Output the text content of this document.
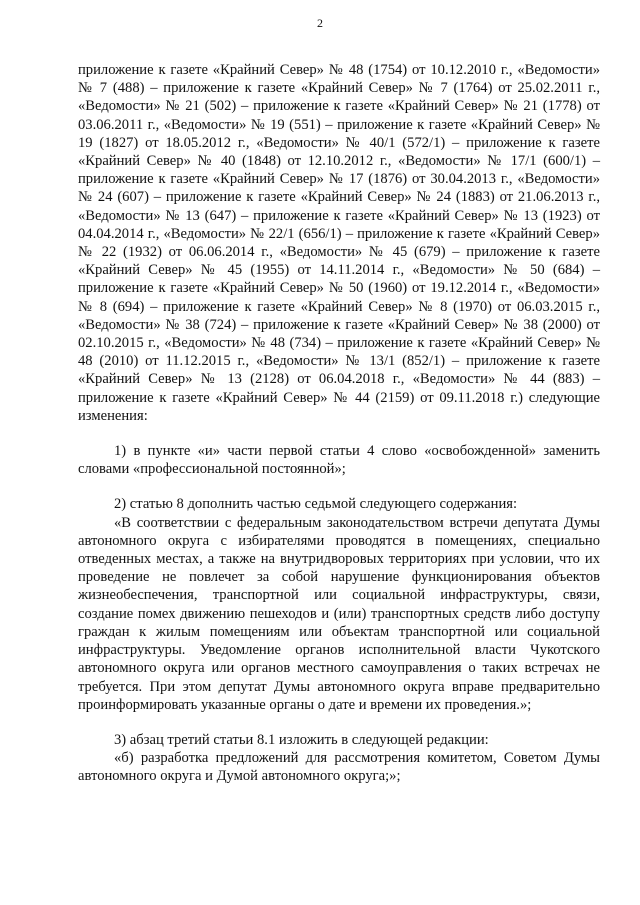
2

приложение к газете «Крайний Север» № 48 (1754) от 10.12.2010 г., «Ведомости» № 7 (488) – приложение к газете «Крайний Север» № 7 (1764) от 25.02.2011 г., «Ведомости» № 21 (502) – приложение к газете «Крайний Север» № 21 (1778) от 03.06.2011 г., «Ведомости» № 19 (551) – приложение к газете «Крайний Север» № 19 (1827) от 18.05.2012 г., «Ведомости» № 40/1 (572/1) – приложение к газете «Крайний Север» № 40 (1848) от 12.10.2012 г., «Ведомости» № 17/1 (600/1) – приложение к газете «Крайний Север» № 17 (1876) от 30.04.2013 г., «Ведомости» № 24 (607) – приложение к газете «Крайний Север» № 24 (1883) от 21.06.2013 г., «Ведомости» № 13 (647) – приложение к газете «Крайний Север» № 13 (1923) от 04.04.2014 г., «Ведомости» № 22/1 (656/1) – приложение к газете «Крайний Север» № 22 (1932) от 06.06.2014 г., «Ведомости» № 45 (679) – приложение к газете «Крайний Север» № 45 (1955) от 14.11.2014 г., «Ведомости» № 50 (684) – приложение к газете «Крайний Север» № 50 (1960) от 19.12.2014 г., «Ведомости» № 8 (694) – приложение к газете «Крайний Север» № 8 (1970) от 06.03.2015 г., «Ведомости» № 38 (724) – приложение к газете «Крайний Север» № 38 (2000) от 02.10.2015 г., «Ведомости» № 48 (734) – приложение к газете «Крайний Север» № 48 (2010) от 11.12.2015 г., «Ведомости» № 13/1 (852/1) – приложение к газете «Крайний Север» № 13 (2128) от 06.04.2018 г., «Ведомости» № 44 (883) – приложение к газете «Крайний Север» № 44 (2159) от 09.11.2018 г.) следующие изменения:

1) в пункте «и» части первой статьи 4 слово «освобожденной» заменить словами «профессиональной постоянной»;

2) статью 8 дополнить частью седьмой следующего содержания:

«В соответствии с федеральным законодательством встречи депутата Думы автономного округа с избирателями проводятся в помещениях, специально отведенных местах, а также на внутридворовых территориях при условии, что их проведение не повлечет за собой нарушение функционирования объектов жизнеобеспечения, транспортной или социальной инфраструктуры, связи, создание помех движению пешеходов и (или) транспортных средств либо доступу граждан к жилым помещениям или объектам транспортной или социальной инфраструктуры. Уведомление органов исполнительной власти Чукотского автономного округа или органов местного самоуправления о таких встречах не требуется. При этом депутат Думы автономного округа вправе предварительно проинформировать указанные органы о дате и времени их проведения.»;

3) абзац третий статьи 8.1 изложить в следующей редакции:

«б) разработка предложений для рассмотрения комитетом, Советом Думы автономного округа и Думой автономного округа;»;
